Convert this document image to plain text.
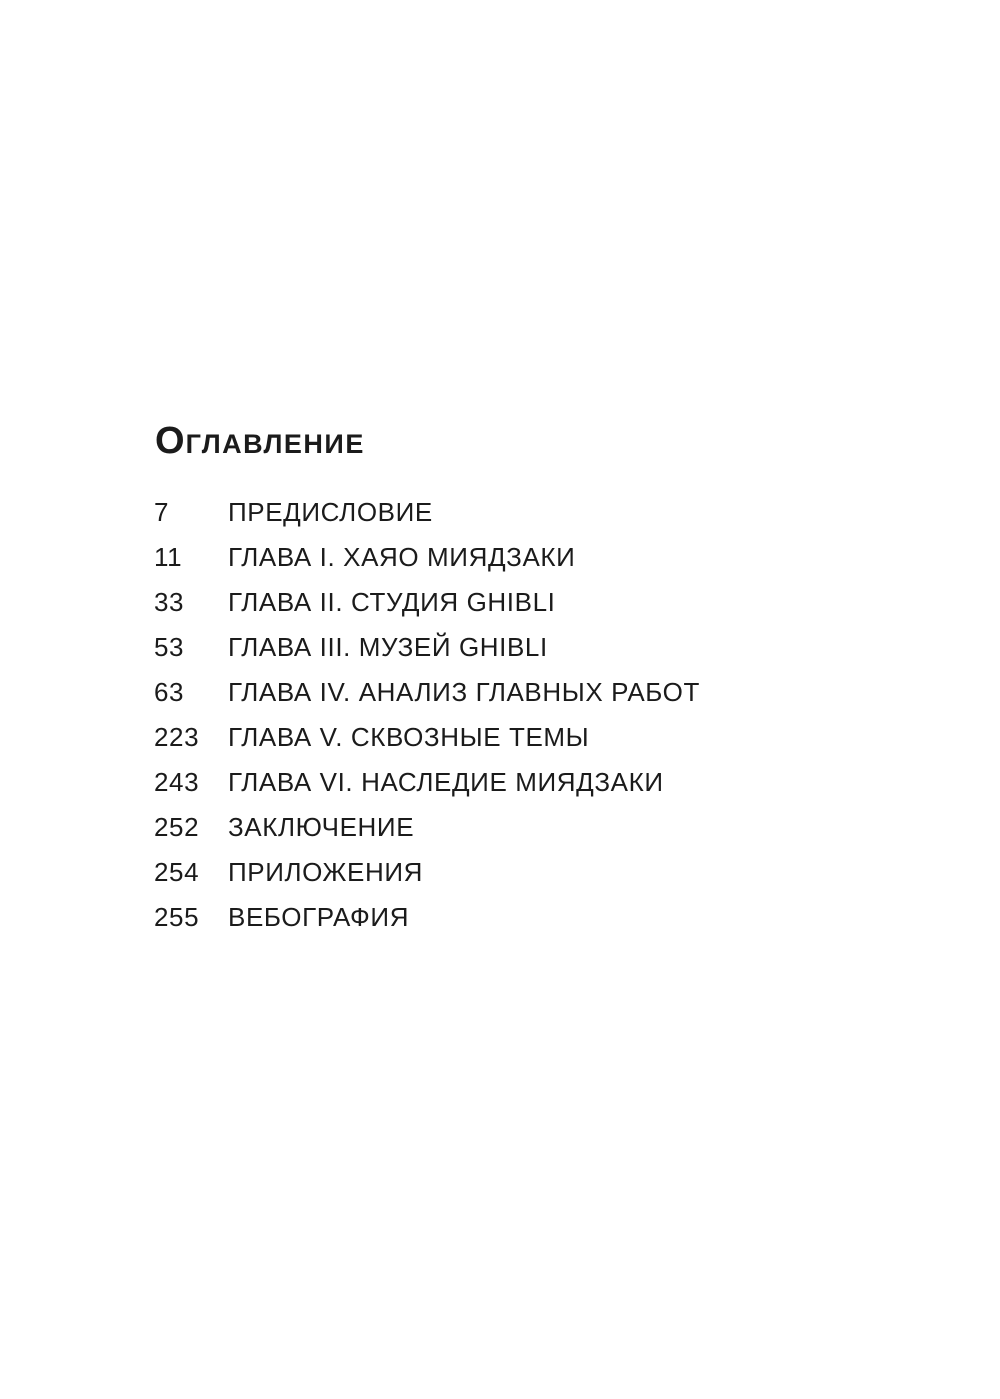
ОГЛАВЛЕНИЕ
7	ПРЕДИСЛОВИЕ
11	ГЛАВА I. ХАЯО МИЯДЗАКИ
33	ГЛАВА II. СТУДИЯ GHIBLI
53	ГЛАВА III. МУЗЕЙ GHIBLI
63	ГЛАВА IV. АНАЛИЗ ГЛАВНЫХ РАБОТ
223	ГЛАВА V. СКВОЗНЫЕ ТЕМЫ
243	ГЛАВА VI. НАСЛЕДИЕ МИЯДЗАКИ
252	ЗАКЛЮЧЕНИЕ
254	ПРИЛОЖЕНИЯ
255	ВЕБОГРАФИЯ
